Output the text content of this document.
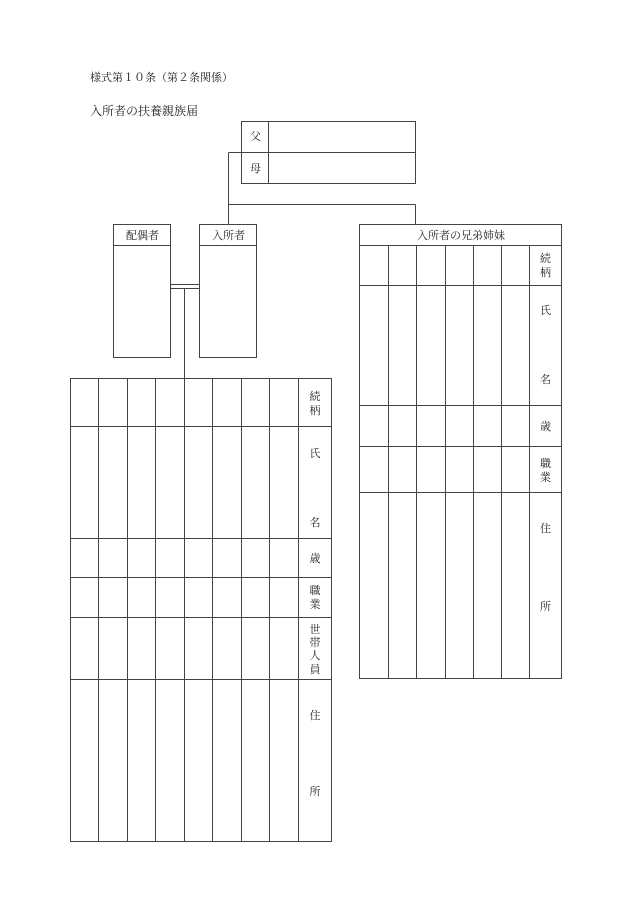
様式第１０条（第２条関係）
入所者の扶養親族届
父
母
配偶者	入所者	入所者の兄弟姉妹
続
柄
氏

名
歳
職
業
住

所
続
柄
氏

名
歳
職
業
世
帯
人
員
住

所
